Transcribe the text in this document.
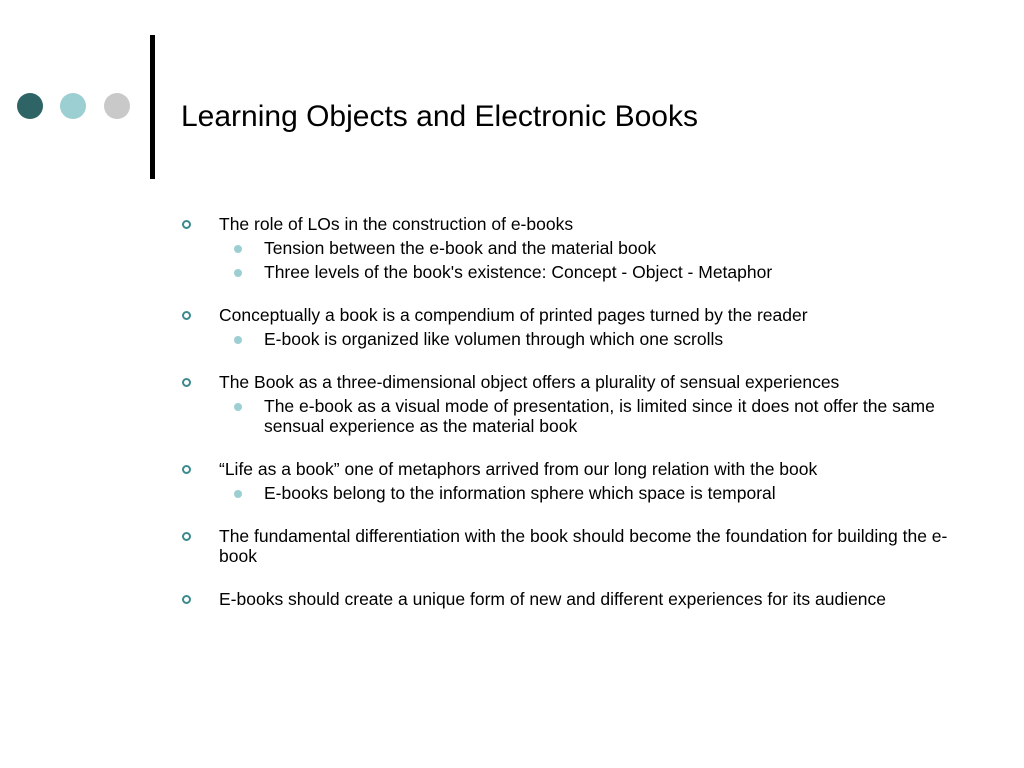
Learning Objects and Electronic Books
The role of LOs in the construction of e-books
Tension between the e-book and the material book
Three levels of the book's existence: Concept - Object - Metaphor
Conceptually a book is a compendium of printed pages turned by the reader
E-book is organized like volumen through which one scrolls
The Book as a three-dimensional object offers a plurality of sensual experiences
The e-book as a visual mode of presentation, is limited since it does not offer the same sensual experience as the material book
“Life as a book” one of metaphors arrived from our long relation with the book
E-books belong to the information sphere which space is temporal
The fundamental differentiation with the book should become the foundation for building the e-book
E-books should create a unique form of new and different experiences for its audience
